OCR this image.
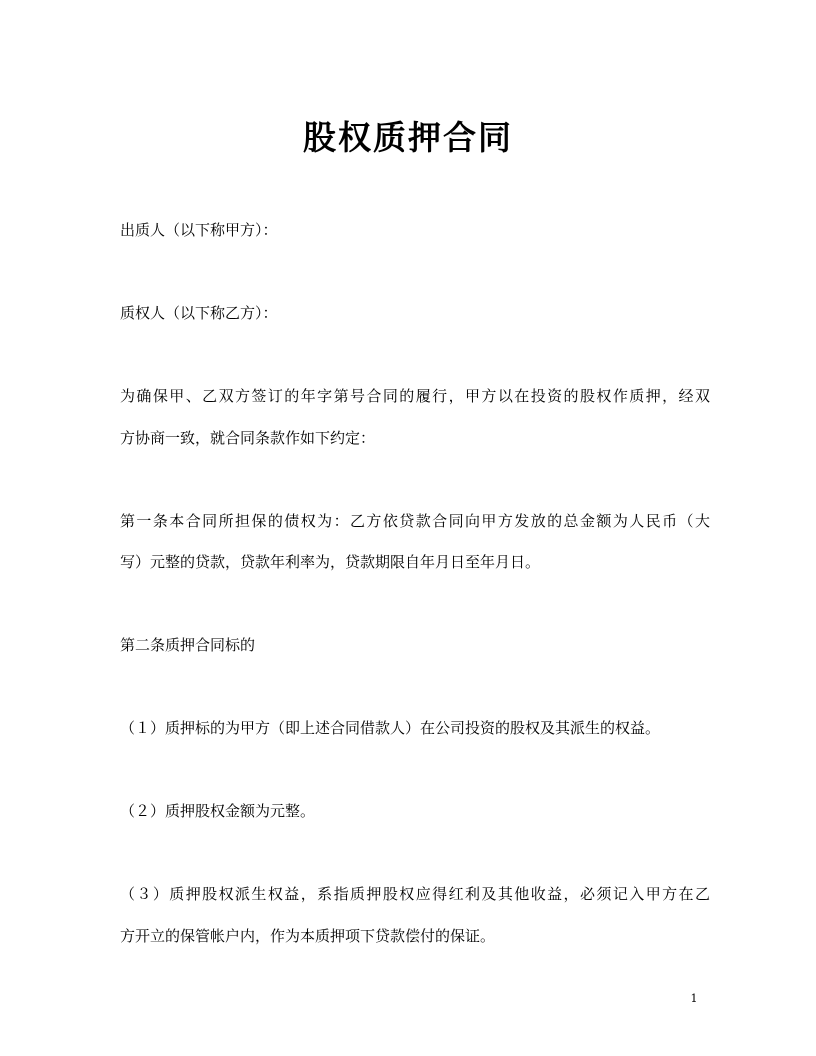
股权质押合同
出质人（以下称甲方）：
质权人（以下称乙方）：
为确保甲、乙双方签订的年字第号合同的履行，甲方以在投资的股权作质押，经双
方协商一致，就合同条款作如下约定：
第一条本合同所担保的债权为：乙方依贷款合同向甲方发放的总金额为人民币（大
写）元整的贷款，贷款年利率为，贷款期限自年月日至年月日。
第二条质押合同标的
（１）质押标的为甲方（即上述合同借款人）在公司投资的股权及其派生的权益。
（２）质押股权金额为元整。
（３）质押股权派生权益，系指质押股权应得红利及其他收益，必须记入甲方在乙
方开立的保管帐户内，作为本质押项下贷款偿付的保证。
1
